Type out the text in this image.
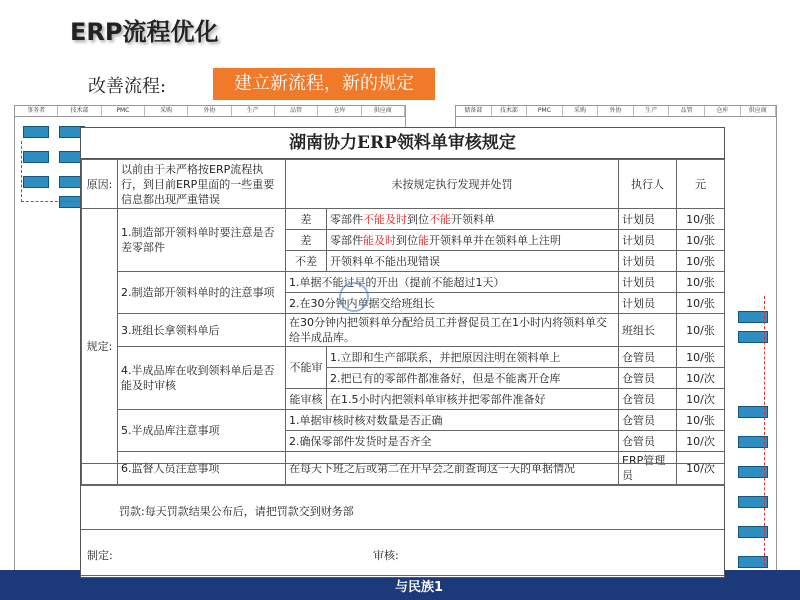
ERP流程优化
改善流程:	建立新流程，新的规定
事务者	技术部	PMC	采购	外协	生产	品管	仓库	供应商	储备部	技术部	PMC	采购	外协	生产	品管	仓库	供应商
与民族1
湖南协力ERP领料单审核规定
原因:	以前由于未严格按ERP流程执行，到目前ERP里面的一些重要信息都出现严重错误	未按规定执行发现并处罚		执行人	元
规定:	1.制造部开领料单时要注意是否差零部件	差	零部件不能及时到位不能开领料单	计划员	10/张
		差	零部件能及时到位能开领料单并在领料单上注明	计划员	10/张
		不差	开领料单不能出现错误	计划员	10/张
	2.制造部开领料单时的注意事项	1.单据不能过早的开出（提前不能超过1天）		计划员	10/张
		2.在30分钟内单据交给班组长		计划员	10/张
	3.班组长拿领料单后	在30分钟内把领料单分配给员工并督促员工在1小时内将领料单交给半成品库。		班组长	10/张
	4.半成品库在收到领料单后是否能及时审核	不能审	1.立即和生产部联系，并把原因注明在领料单上	仓管员	10/张
			2.把已有的零部件都准备好，但是不能离开仓库	仓管员	10/次
		能审核	在1.5小时内把领料单审核并把零部件准备好	仓管员	10/次
	5.半成品库注意事项	1.单据审核时核对数量是否正确		仓管员	10/张
		2.确保零部件发货时是否齐全		仓管员	10/次
	6.监督人员注意事项	在每天下班之后或第二在开早会之前查询这一天的单据情况		ERP管理员	10/次
罚款:每天罚款结果公布后，请把罚款交到财务部
制定:	审核:
